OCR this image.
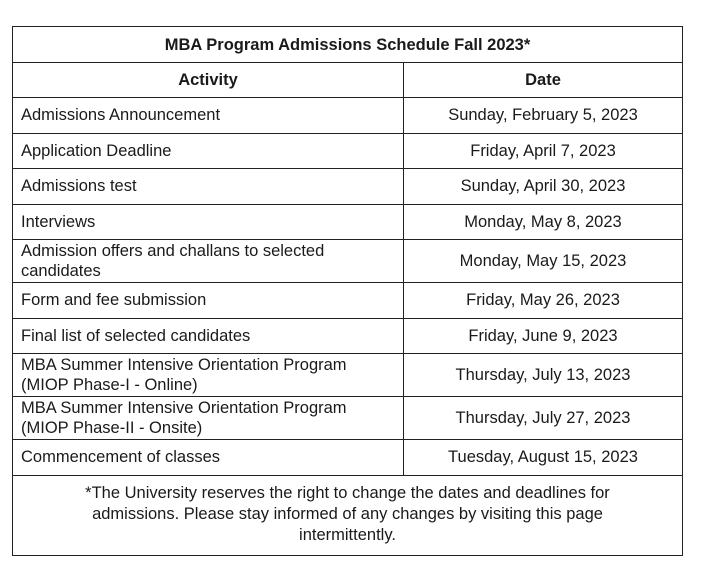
MBA Program Admissions Schedule Fall 2023*	
Activity	Date
Admissions Announcement	Sunday, February 5, 2023
Application Deadline	Friday, April 7, 2023
Admissions test	Sunday, April 30, 2023
Interviews	Monday, May 8, 2023
Admission offers and challans to selected candidates	Monday, May 15, 2023
Form and fee submission	Friday, May 26, 2023
Final list of selected candidates	Friday, June 9, 2023
MBA Summer Intensive Orientation Program (MIOP Phase-I - Online)	Thursday, July 13, 2023
MBA Summer Intensive Orientation Program (MIOP Phase-II - Onsite)	Thursday, July 27, 2023
Commencement of classes	Tuesday, August 15, 2023
*The University reserves the right to change the dates and deadlines for admissions. Please stay informed of any changes by visiting this page intermittently.	
